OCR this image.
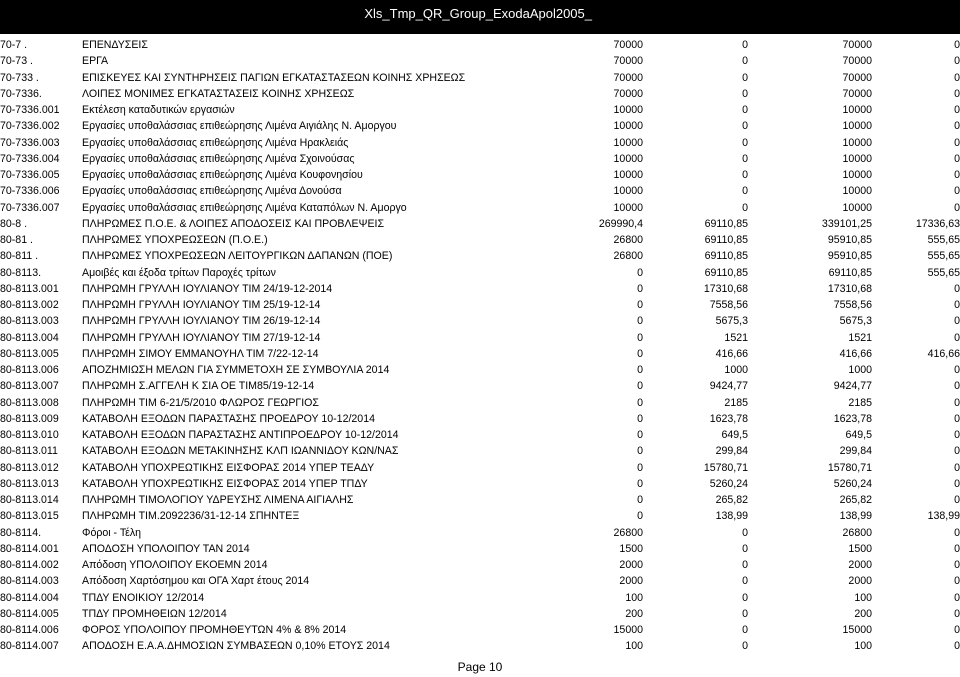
Xls_Tmp_QR_Group_ExodaApol2005_
70-7 .	ΕΠΕΝΔΥΣΕΙΣ	70000	0	70000	0
70-73 .	ΕΡΓΑ	70000	0	70000	0
70-733 .	ΕΠΙΣΚΕΥΕΣ ΚΑΙ ΣΥΝΤΗΡΗΣΕΙΣ ΠΑΓΙΩΝ ΕΓΚΑΤΑΣΤΑΣΕΩΝ ΚΟΙΝΗΣ ΧΡΗΣΕΩΣ	70000	0	70000	0
70-7336.	ΛΟΙΠΕΣ ΜΟΝΙΜΕΣ ΕΓΚΑΤΑΣΤΑΣΕΙΣ ΚΟΙΝΗΣ ΧΡΗΣΕΩΣ	70000	0	70000	0
70-7336.001 Εκτέλεση καταδυτικών εργασιών	10000	0	10000	0
70-7336.002 Εργασίες υποθαλάσσιας επιθεώρησης Λιμένα Αιγιάλης Ν. Αμοργου	10000	0	10000	0
70-7336.003 Εργασίες υποθαλάσσιας επιθεώρησης Λιμένα Ηρακλειάς	10000	0	10000	0
70-7336.004 Εργασίες υποθαλάσσιας επιθεώρησης Λιμένα Σχοινούσας	10000	0	10000	0
70-7336.005 Εργασίες υποθαλάσσιας επιθεώρησης Λιμένα Κουφονησίου	10000	0	10000	0
70-7336.006 Εργασίες υποθαλάσσιας επιθεώρησης Λιμένα Δονούσα	10000	0	10000	0
70-7336.007 Εργασίες υποθαλάσσιας επιθεώρησης Λιμένα Καταπόλων Ν. Αμοργο	10000	0	10000	0
80-8 .	ΠΛΗΡΩΜΕΣ Π.Ο.Ε. & ΛΟΙΠΕΣ ΑΠΟΔΟΣΕΙΣ ΚΑΙ ΠΡΟΒΛΕΨΕΙΣ	269990,4	69110,85	339101,25	17336,63
80-81 .	ΠΛΗΡΩΜΕΣ ΥΠΟΧΡΕΩΣΕΩΝ (Π.Ο.Ε.)	26800	69110,85	95910,85	555,65
80-811 .	ΠΛΗΡΩΜΕΣ ΥΠΟΧΡΕΩΣΕΩΝ ΛΕΙΤΟΥΡΓΙΚΩΝ ΔΑΠΑΝΩΝ (ΠΟΕ)	26800	69110,85	95910,85	555,65
80-8113.	Αμοιβές και έξοδα τρίτων Παροχές τρίτων	0	69110,85	69110,85	555,65
80-8113.001 ΠΛΗΡΩΜΗ ΓΡΥΛΛΗ ΙΟΥΛΙΑΝΟΥ ΤΙΜ 24/19-12-2014	0	17310,68	17310,68	0
80-8113.002 ΠΛΗΡΩΜΗ ΓΡΥΛΛΗ ΙΟΥΛΙΑΝΟΥ ΤΙΜ 25/19-12-14	0	7558,56	7558,56	0
80-8113.003 ΠΛΗΡΩΜΗ ΓΡΥΛΛΗ ΙΟΥΛΙΑΝΟΥ ΤΙΜ 26/19-12-14	0	5675,3	5675,3	0
80-8113.004 ΠΛΗΡΩΜΗ ΓΡΥΛΛΗ ΙΟΥΛΙΑΝΟΥ ΤΙΜ 27/19-12-14	0	1521	1521	0
80-8113.005 ΠΛΗΡΩΜΗ ΣΙΜΟΥ ΕΜΜΑΝΟΥΗΛ ΤΙΜ 7/22-12-14	0	416,66	416,66	416,66
80-8113.006 ΑΠΟΖΗΜΙΩΣΗ ΜΕΛΩΝ ΓΙΑ ΣΥΜΜΕΤΟΧΗ ΣΕ ΣΥΜΒΟΥΛΙΑ 2014	0	1000	1000	0
80-8113.007 ΠΛΗΡΩΜΗ Σ.ΑΓΓΕΛΗ Κ ΣΙΑ ΟΕ ΤΙΜ85/19-12-14	0	9424,77	9424,77	0
80-8113.008 ΠΛΗΡΩΜΗ ΤΙΜ 6-21/5/2010 ΦΛΩΡΟΣ ΓΕΩΡΓΙΟΣ	0	2185	2185	0
80-8113.009 ΚΑΤΑΒΟΛΗ ΕΞΟΔΩΝ ΠΑΡΑΣΤΑΣΗΣ ΠΡΟΕΔΡΟΥ 10-12/2014	0	1623,78	1623,78	0
80-8113.010 ΚΑΤΑΒΟΛΗ ΕΞΟΔΩΝ ΠΑΡΑΣΤΑΣΗΣ ΑΝΤΙΠΡΟΕΔΡΟΥ 10-12/2014	0	649,5	649,5	0
80-8113.011 ΚΑΤΑΒΟΛΗ ΕΞΟΔΩΝ ΜΕΤΑΚΙΝΗΣΗΣ ΚΛΠ ΙΩΑΝΝΙΔΟΥ ΚΩΝ/ΝΑΣ	0	299,84	299,84	0
80-8113.012 ΚΑΤΑΒΟΛΗ ΥΠΟΧΡΕΩΤΙΚΗΣ ΕΙΣΦΟΡΑΣ 2014 ΥΠΕΡ ΤΕΑΔΥ	0	15780,71	15780,71	0
80-8113.013 ΚΑΤΑΒΟΛΗ ΥΠΟΧΡΕΩΤΙΚΗΣ ΕΙΣΦΟΡΑΣ 2014 ΥΠΕΡ ΤΠΔΥ	0	5260,24	5260,24	0
80-8113.014 ΠΛΗΡΩΜΗ ΤΙΜΟΛΟΓΙΟΥ ΥΔΡΕΥΣΗΣ ΛΙΜΕΝΑ ΑΙΓΙΑΛΗΣ	0	265,82	265,82	0
80-8113.015 ΠΛΗΡΩΜΗ ΤΙΜ.2092236/31-12-14 ΣΠΗΝΤΕΞ	0	138,99	138,99	138,99
80-8114.	Φόροι - Τέλη	26800	0	26800	0
80-8114.001 ΑΠΟΔΟΣΗ ΥΠΟΛΟΙΠΟΥ ΤΑΝ 2014	1500	0	1500	0
80-8114.002 Απόδοση ΥΠΟΛΟΙΠΟΥ ΕΚΟΕΜΝ 2014	2000	0	2000	0
80-8114.003 Απόδοση Χαρτόσημου και ΟΓΑ Χαρτ έτους 2014	2000	0	2000	0
80-8114.004 ΤΠΔΥ ΕΝΟΙΚΙΟΥ 12/2014	100	0	100	0
80-8114.005 ΤΠΔΥ ΠΡΟΜΗΘΕΙΩΝ 12/2014	200	0	200	0
80-8114.006 ΦΟΡΟΣ ΥΠΟΛΟΙΠΟΥ ΠΡΟΜΗΘΕΥΤΩΝ 4% & 8% 2014	15000	0	15000	0
80-8114.007 ΑΠΟΔΟΣΗ Ε.Α.Α.ΔΗΜΟΣΙΩΝ ΣΥΜΒΑΣΕΩΝ 0,10% ΕΤΟΥΣ 2014	100	0	100	0
Page 10
